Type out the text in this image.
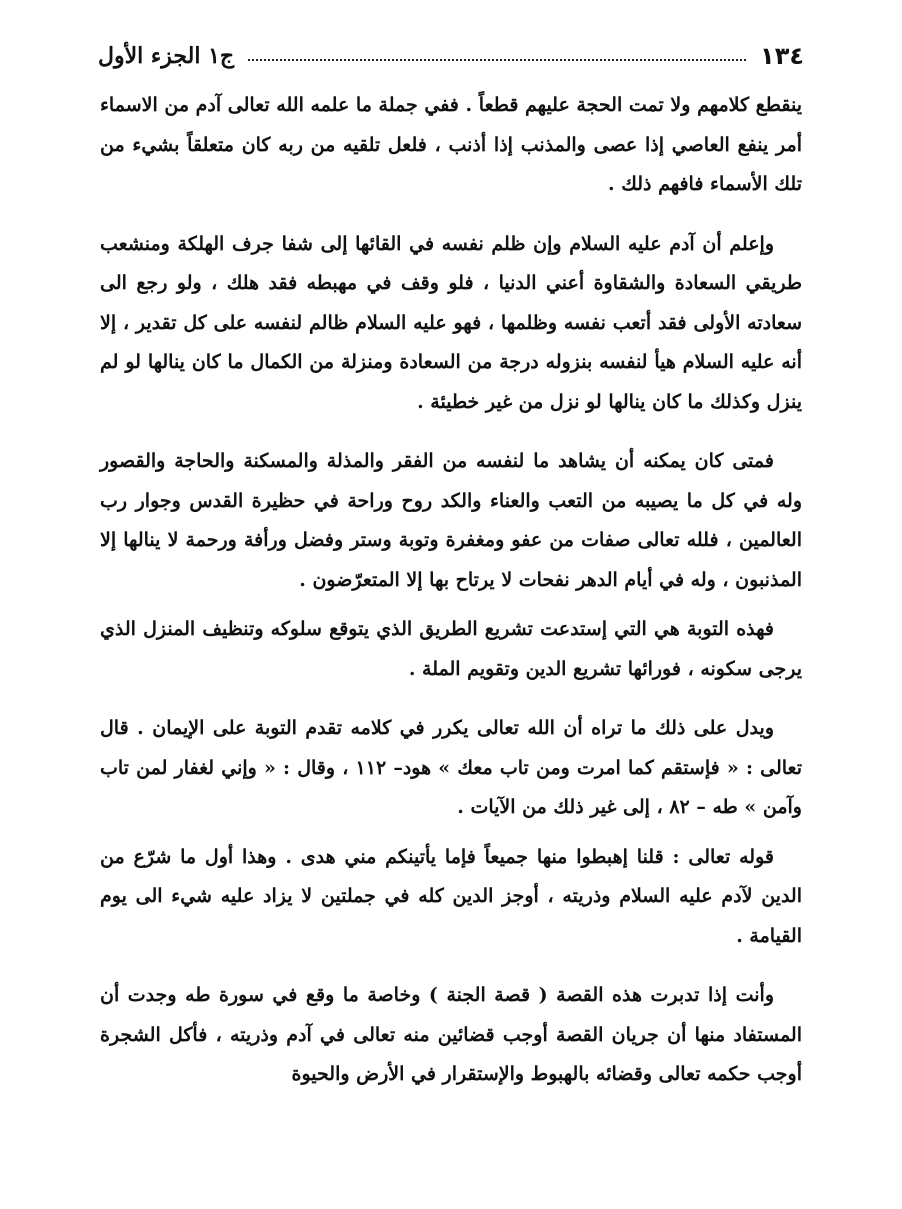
١٣٤
ج١ الجزء الأول

ينقطع كلامهم ولا تمت الحجة عليهم قطعاً . ففي جملة ما علمه الله تعالى آدم من الاسماء أمر ينفع العاصي إذا عصى والمذنب إذا أذنب ، فلعل تلقيه من ربه كان متعلقاً بشيء من تلك الأسماء فافهم ذلك .

وإعلم أن آدم عليه السلام وإن ظلم نفسه في القائها إلى شفا جرف الهلكة ومنشعب طريقي السعادة والشقاوة أعني الدنيا ، فلو وقف في مهبطه فقد هلك ، ولو رجع الى سعادته الأولى فقد أتعب نفسه وظلمها ، فهو عليه السلام ظالم لنفسه على كل تقدير ، إلا أنه عليه السلام هيأ لنفسه بنزوله درجة من السعادة ومنزلة من الكمال ما كان ينالها لو لم ينزل وكذلك ما كان ينالها لو نزل من غير خطيئة .

فمتى كان يمكنه أن يشاهد ما لنفسه من الفقر والمذلة والمسكنة والحاجة والقصور وله في كل ما يصيبه من التعب والعناء والكد روح وراحة في حظيرة القدس وجوار رب العالمين ، فلله تعالى صفات من عفو ومغفرة وتوبة وستر وفضل ورأفة ورحمة لا ينالها إلا المذنبون ، وله في أيام الدهر نفحات لا يرتاح بها إلا المتعرّضون .

فهذه التوبة هي التي إستدعت تشريع الطريق الذي يتوقع سلوكه وتنظيف المنزل الذي يرجى سكونه ، فورائها تشريع الدين وتقويم الملة .

ويدل على ذلك ما تراه أن الله تعالى يكرر في كلامه تقدم التوبة على الإيمان . قال تعالى : « فإستقم كما امرت ومن تاب معك » هود– ١١٢ ، وقال : « وإني لغفار لمن تاب وآمن » طه – ٨٢ ، إلى غير ذلك من الآيات .

قوله تعالى : قلنا إهبطوا منها جميعاً فإما يأتينكم مني هدى . وهذا أول ما شرّع من الدين لآدم عليه السلام وذريته ، أوجز الدين كله في جملتين لا يزاد عليه شيء الى يوم القيامة .

وأنت إذا تدبرت هذه القصة ( قصة الجنة ) وخاصة ما وقع في سورة طه وجدت أن المستفاد منها أن جريان القصة أوجب قضائين منه تعالى في آدم وذريته ، فأكل الشجرة أوجب حكمه تعالى وقضائه بالهبوط والإستقرار في الأرض والحيوة
